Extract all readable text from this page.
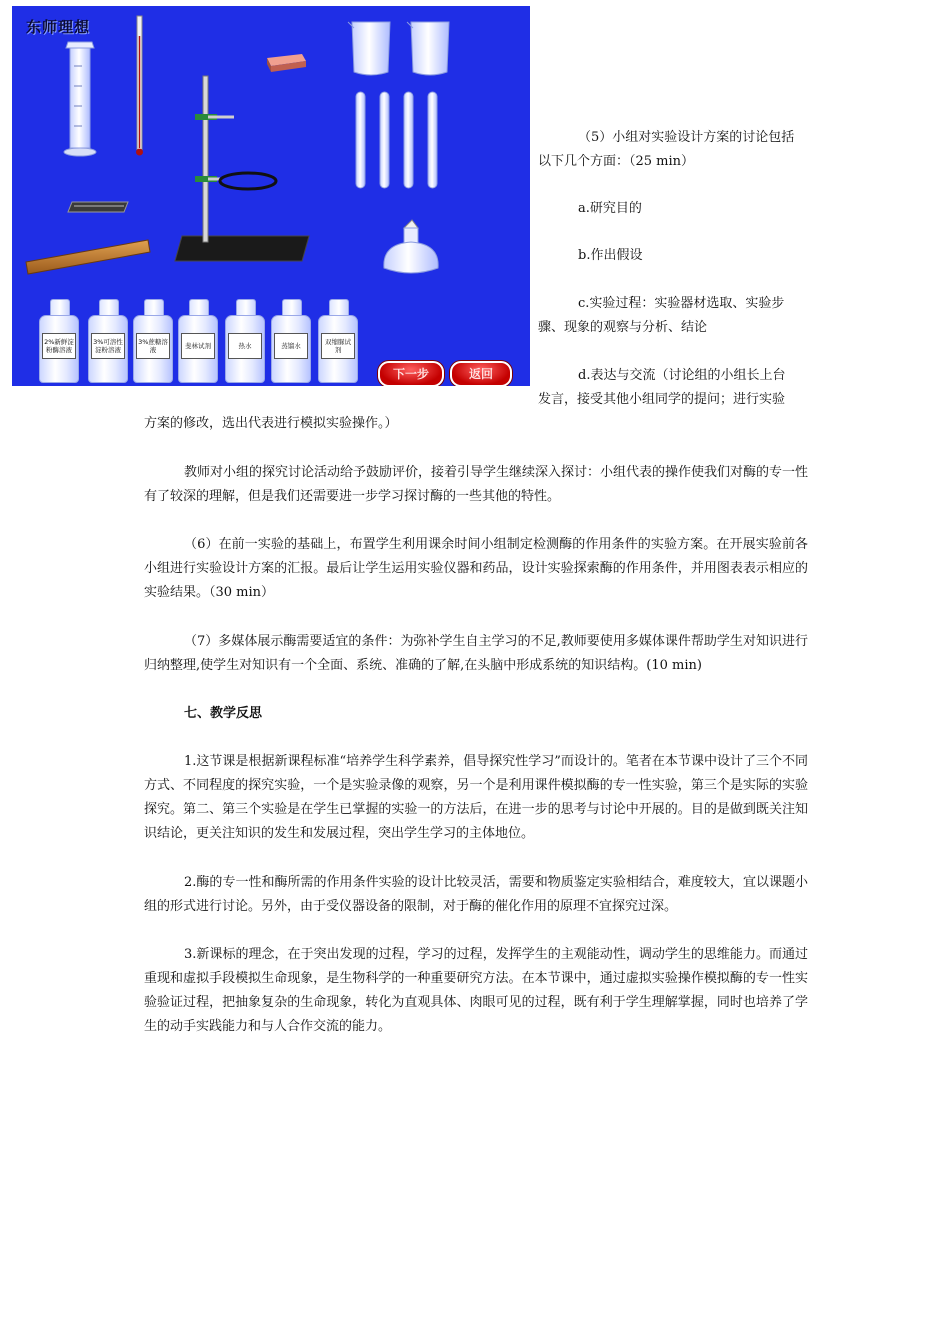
东师理想
2%新鲜淀粉酶溶液
3%可溶性淀粉溶液
3%蔗糖溶液	斐林试剂	热水	蒸馏水	双缩脲试剂
下一步	返回

（5）小组对实验设计方案的讨论包括

以下几个方面：（25 min）

a.研究目的

b.作出假设

c.实验过程：实验器材选取、实验步

骤、现象的观察与分析、结论

d.表达与交流（讨论组的小组长上台

发言，接受其他小组同学的提问；进行实验

方案的修改，选出代表进行模拟实验操作。）

教师对小组的探究讨论活动给予鼓励评价，接着引导学生继续深入探讨：小组代表的操作使我们对酶的专一性有了较深的理解，但是我们还需要进一步学习探讨酶的一些其他的特性。

（6）在前一实验的基础上，布置学生利用课余时间小组制定检测酶的作用条件的实验方案。在开展实验前各小组进行实验设计方案的汇报。最后让学生运用实验仪器和药品，设计实验探索酶的作用条件，并用图表表示相应的实验结果。（30 min）

（7）多媒体展示酶需要适宜的条件：为弥补学生自主学习的不足,教师要使用多媒体课件帮助学生对知识进行归纳整理,使学生对知识有一个全面、系统、准确的了解,在头脑中形成系统的知识结构。(10 min)

七、教学反思

1.这节课是根据新课程标准“培养学生科学素养，倡导探究性学习”而设计的。笔者在本节课中设计了三个不同方式、不同程度的探究实验，一个是实验录像的观察，另一个是利用课件模拟酶的专一性实验，第三个是实际的实验探究。第二、第三个实验是在学生已掌握的实验一的方法后，在进一步的思考与讨论中开展的。目的是做到既关注知识结论，更关注知识的发生和发展过程，突出学生学习的主体地位。

2.酶的专一性和酶所需的作用条件实验的设计比较灵活，需要和物质鉴定实验相结合，难度较大，宜以课题小组的形式进行讨论。另外，由于受仪器设备的限制，对于酶的催化作用的原理不宜探究过深。

3.新课标的理念，在于突出发现的过程，学习的过程，发挥学生的主观能动性，调动学生的思维能力。而通过重现和虚拟手段模拟生命现象，是生物科学的一种重要研究方法。在本节课中，通过虚拟实验操作模拟酶的专一性实验验证过程，把抽象复杂的生命现象，转化为直观具体、肉眼可见的过程，既有利于学生理解掌握，同时也培养了学生的动手实践能力和与人合作交流的能力。
